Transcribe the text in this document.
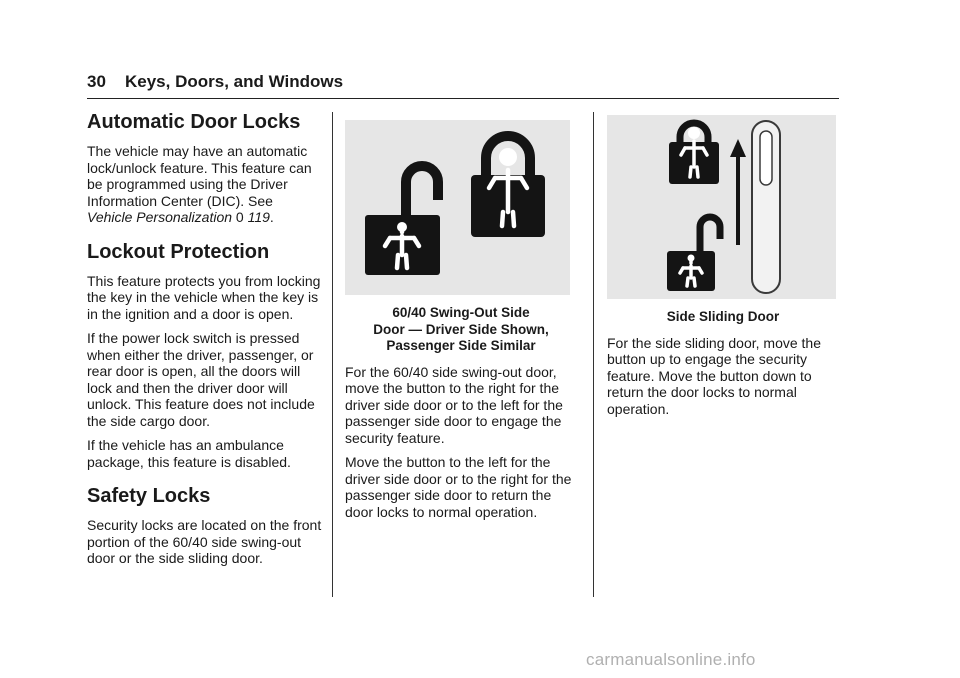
30 Keys, Doors, and Windows
Automatic Door Locks

The vehicle may have an automatic lock/unlock feature. This feature can be programmed using the Driver Information Center (DIC). See
Vehicle Personalization 0 119.

Lockout Protection

This feature protects you from locking the key in the vehicle when the key is in the ignition and a door is open.

If the power lock switch is pressed when either the driver, passenger, or rear door is open, all the doors will lock and then the driver door will unlock. This feature does not include the side cargo door.

If the vehicle has an ambulance package, this feature is disabled.

Safety Locks

Security locks are located on the front portion of the 60/40 side swing-out door or the side sliding door.

60/40 Swing-Out Side
Door — Driver Side Shown,
Passenger Side Similar

For the 60/40 side swing-out door, move the button to the right for the driver side door or to the left for the passenger side door to engage the security feature.

Move the button to the left for the driver side door or to the right for the passenger side door to return the door locks to normal operation.

Side Sliding Door

For the side sliding door, move the button up to engage the security feature. Move the button down to return the door locks to normal operation.

carmanualsonline.info
